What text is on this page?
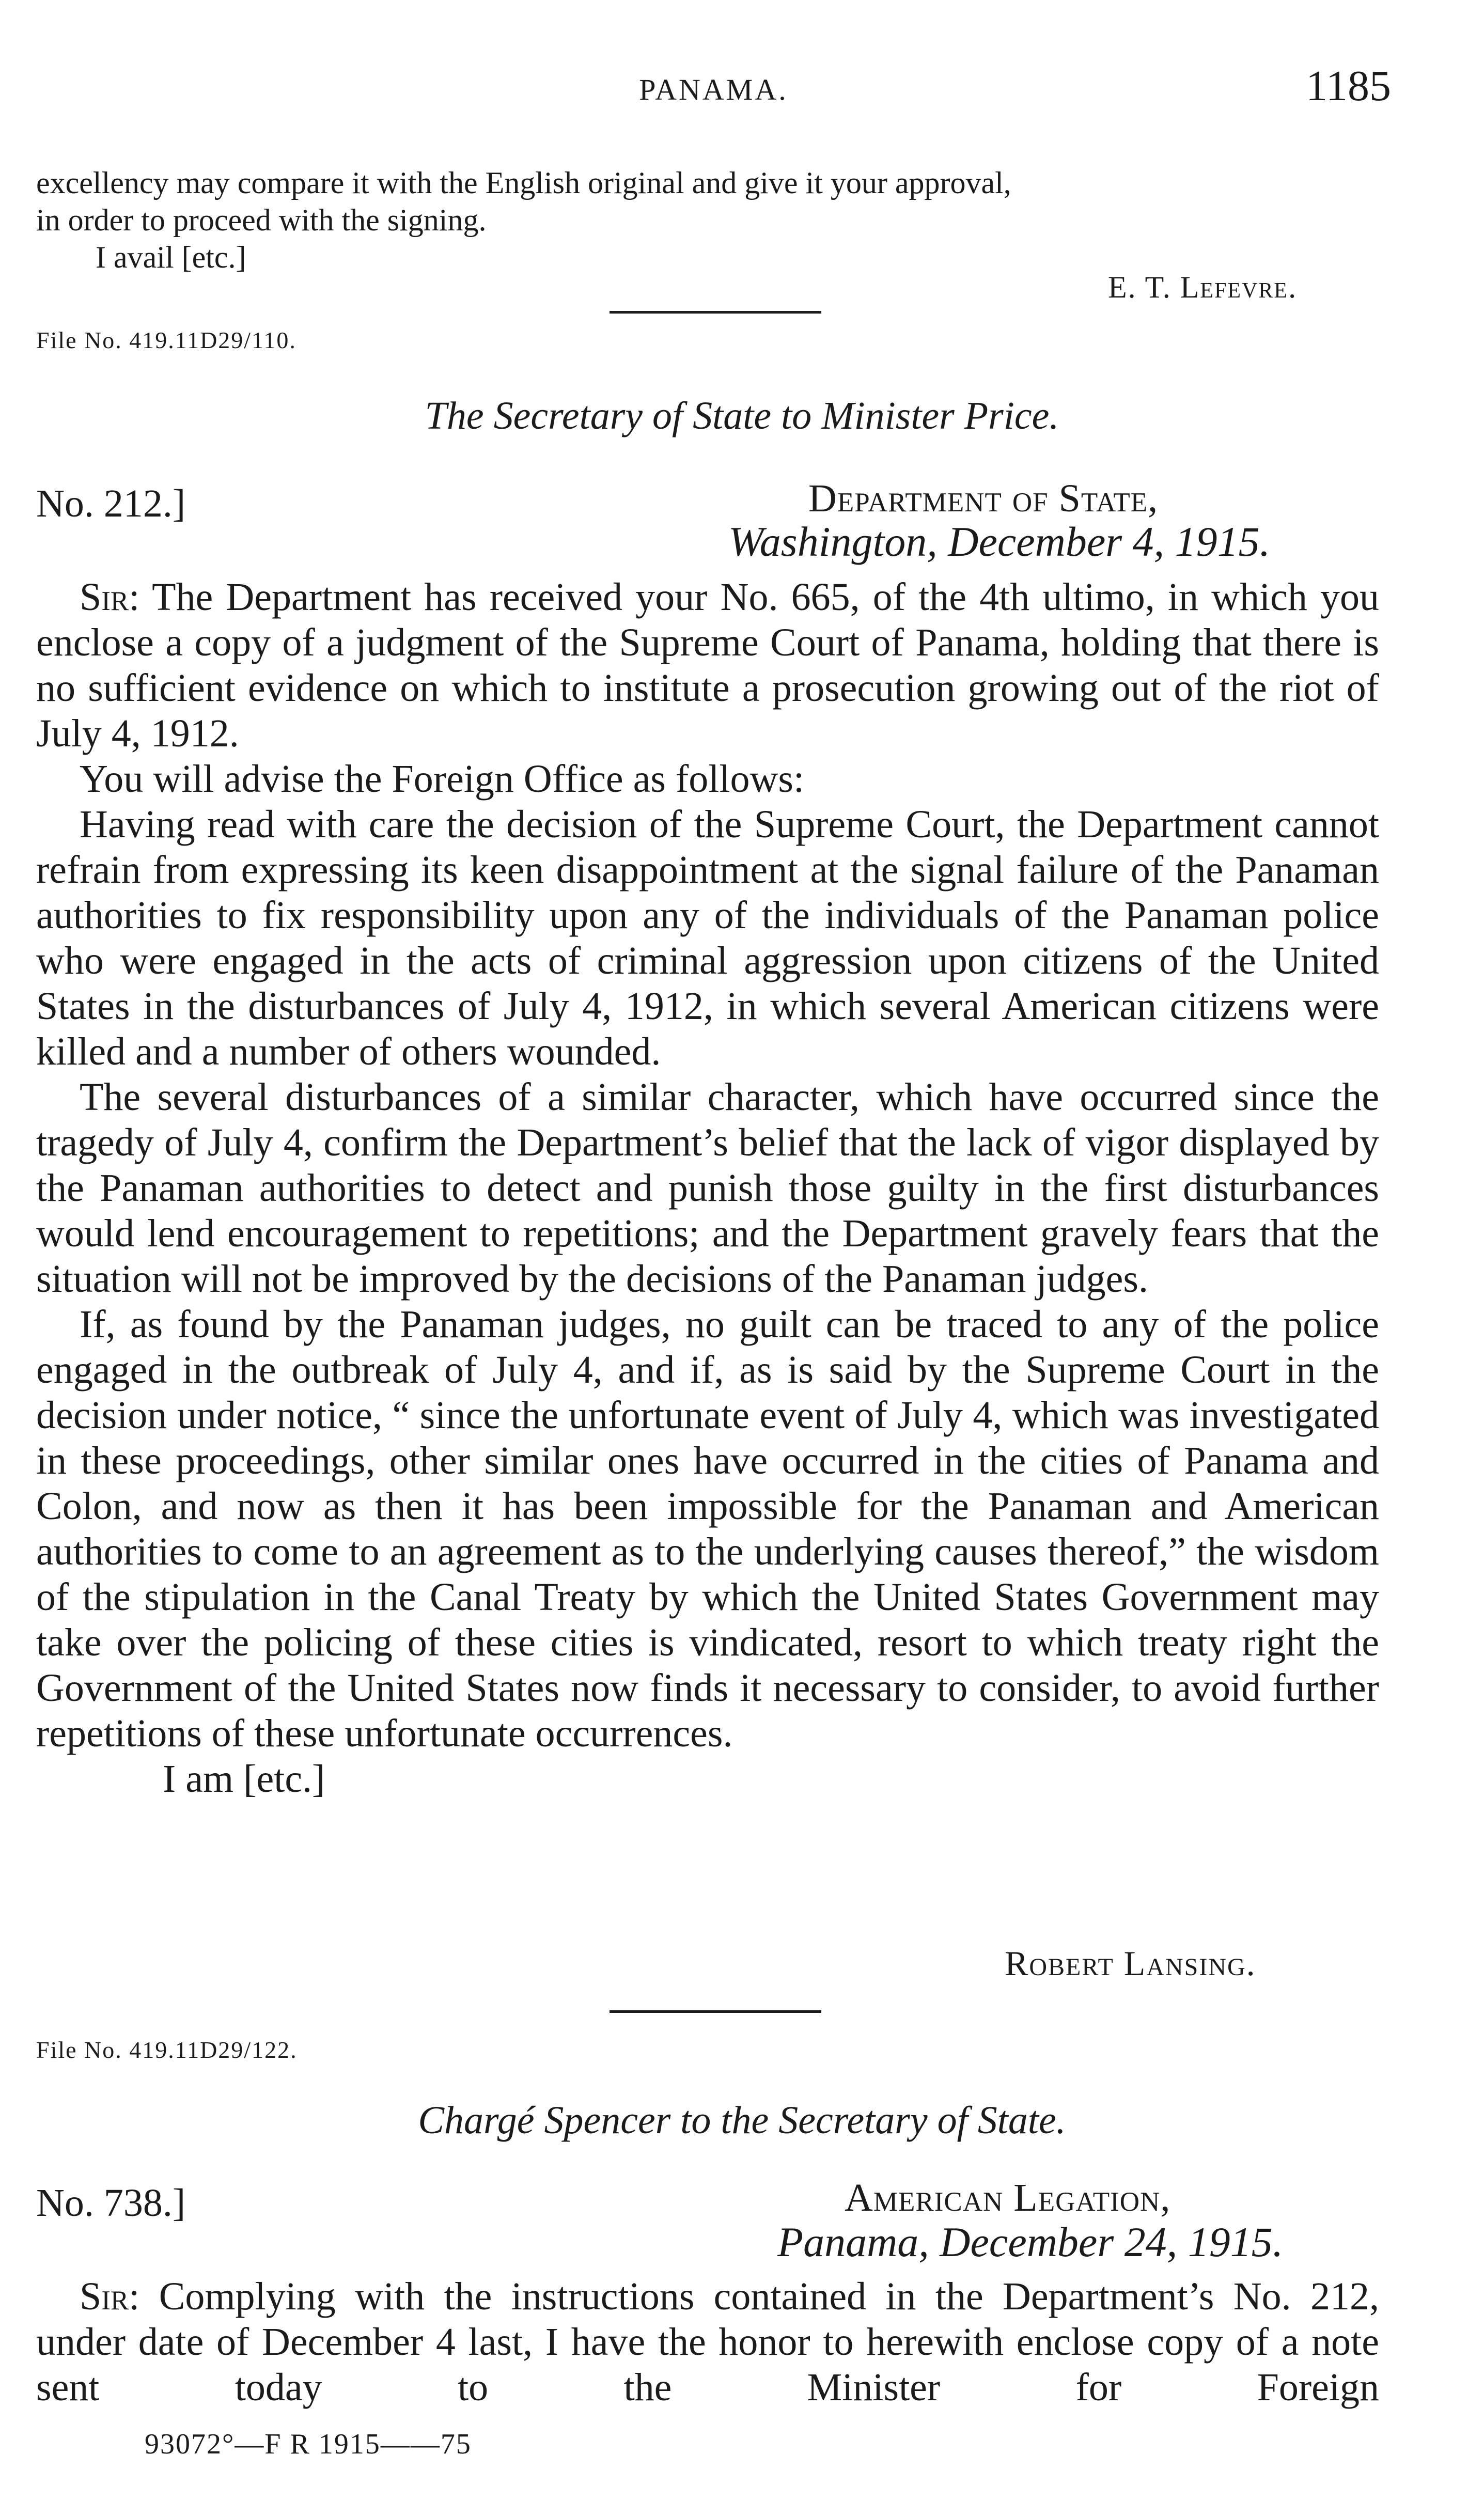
PANAMA.	1185
excellency may compare it with the English original and give it your approval,
in order to proceed with the signing.
I avail [etc.]
E. T. Lefevre.
File No. 419.11D29/110.
The Secretary of State to Minister Price.
No. 212.]	Department of State,
Washington, December 4, 1915.
Sir: The Department has received your No. 665, of the 4th ultimo, in which you enclose a copy of a judgment of the Supreme Court of Panama, holding that there is no sufficient evidence on which to institute a prosecution growing out of the riot of July 4, 1912.
You will advise the Foreign Office as follows:
Having read with care the decision of the Supreme Court, the Department cannot refrain from expressing its keen disappointment at the signal failure of the Panaman authorities to fix responsibility upon any of the individuals of the Panaman police who were engaged in the acts of criminal aggression upon citizens of the United States in the disturbances of July 4, 1912, in which several American citizens were killed and a number of others wounded.
The several disturbances of a similar character, which have occurred since the tragedy of July 4, confirm the Department’s belief that the lack of vigor displayed by the Panaman authorities to detect and punish those guilty in the first disturbances would lend encouragement to repetitions; and the Department gravely fears that the situation will not be improved by the decisions of the Panaman judges.
If, as found by the Panaman judges, no guilt can be traced to any of the police engaged in the outbreak of July 4, and if, as is said by the Supreme Court in the decision under notice, “ since the unfortunate event of July 4, which was investigated in these proceedings, other similar ones have occurred in the cities of Panama and Colon, and now as then it has been impossible for the Panaman and American authorities to come to an agreement as to the underlying causes thereof,” the wisdom of the stipulation in the Canal Treaty by which the United States Government may take over the policing of these cities is vindicated, resort to which treaty right the Government of the United States now finds it necessary to consider, to avoid further repetitions of these unfortunate occurrences.
I am [etc.]
Robert Lansing.
File No. 419.11D29/122.
Chargé Spencer to the Secretary of State.
No. 738.]	American Legation,
Panama, December 24, 1915.
Sir: Complying with the instructions contained in the Department’s No. 212, under date of December 4 last, I have the honor to herewith enclose copy of a note sent today to the Minister for Foreign
93072°—F R 1915——75
